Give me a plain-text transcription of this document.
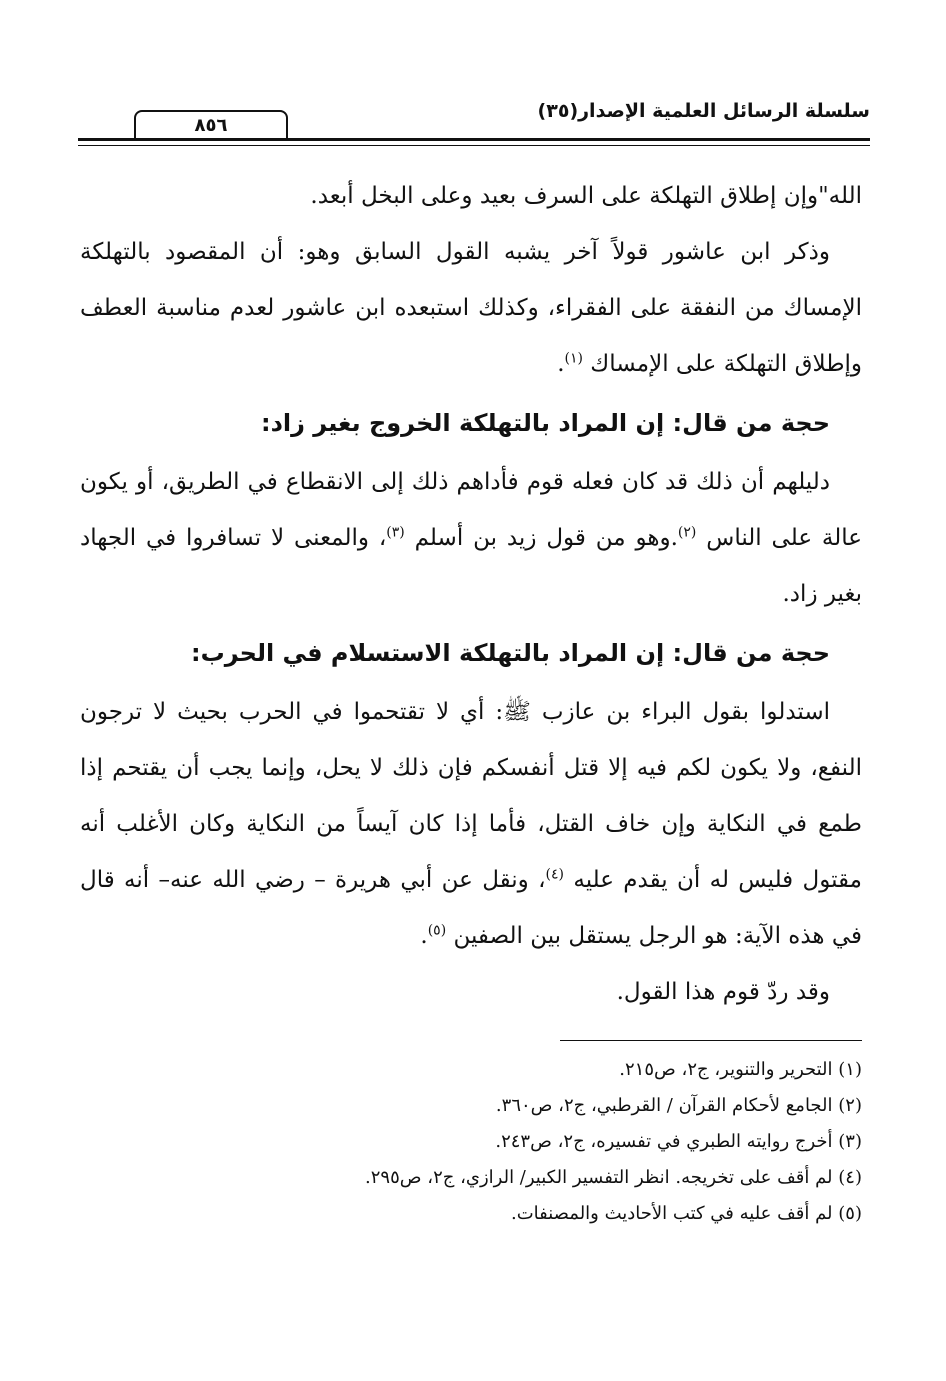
سلسلة الرسائل العلمية الإصدار(٣٥)
٨٥٦

الله"وإن إطلاق التهلكة على السرف بعيد وعلى البخل أبعد.

وذكر ابن عاشور قولاً آخر يشبه القول السابق وهو: أن المقصود بالتهلكة الإمساك من النفقة على الفقراء، وكذلك استبعده ابن عاشور لعدم مناسبة العطف وإطلاق التهلكة على الإمساك $^{(١)}$.

حجة من قال: إن المراد بالتهلكة الخروج بغير زاد:

دليلهم أن ذلك قد كان فعله قوم فأداهم ذلك إلى الانقطاع في الطريق، أو يكون عالة على الناس $^{(٢)}$.وهو من قول زيد بن أسلم $^{(٣)}$، والمعنى لا تسافروا في الجهاد بغير زاد.

حجة من قال: إن المراد بالتهلكة الاستسلام في الحرب:

استدلوا بقول البراء بن عازب ﷺ: أي لا تقتحموا في الحرب بحيث لا ترجون النفع، ولا يكون لكم فيه إلا قتل أنفسكم فإن ذلك لا يحل، وإنما يجب أن يقتحم إذا طمع في النكاية وإن خاف القتل، فأما إذا كان آيساً من النكاية وكان الأغلب أنه مقتول فليس له أن يقدم عليه $^{(٤)}$، ونقل عن أبي هريرة – رضي الله عنه– أنه قال في هذه الآية: هو الرجل يستقل بين الصفين $^{(٥)}$.

وقد ردّ قوم هذا القول.

(١) التحرير والتنوير، ج٢، ص٢١٥.
(٢) الجامع لأحكام القرآن / القرطبي، ج٢، ص٣٦٠.
(٣) أخرج روايته الطبري في تفسيره، ج٢، ص٢٤٣.
(٤) لم أقف على تخريجه. انظر التفسير الكبير/ الرازي، ج٢، ص٢٩٥.
(٥) لم أقف عليه في كتب الأحاديث والمصنفات.
